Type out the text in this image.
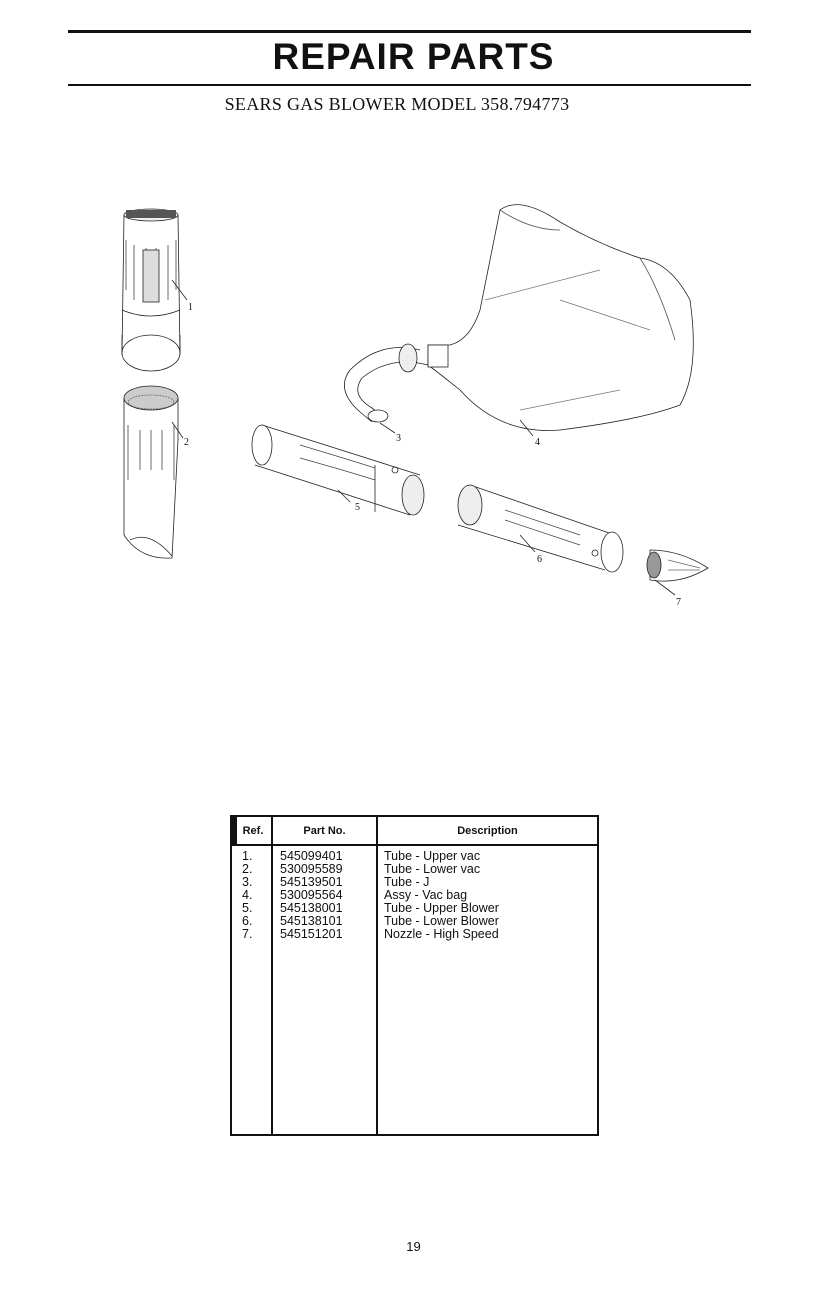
REPAIR PARTS
SEARS GAS BLOWER MODEL 358.794773
1
2	3	4
5
6
7
Ref.	Part No.	Description
1.	545099401	Tube - Upper vac
2.	530095589	Tube - Lower vac
3.	545139501	Tube - J
4.	530095564	Assy - Vac bag
5.	545138001	Tube - Upper Blower
6.	545138101	Tube - Lower Blower
7.	545151201	Nozzle - High Speed
19
